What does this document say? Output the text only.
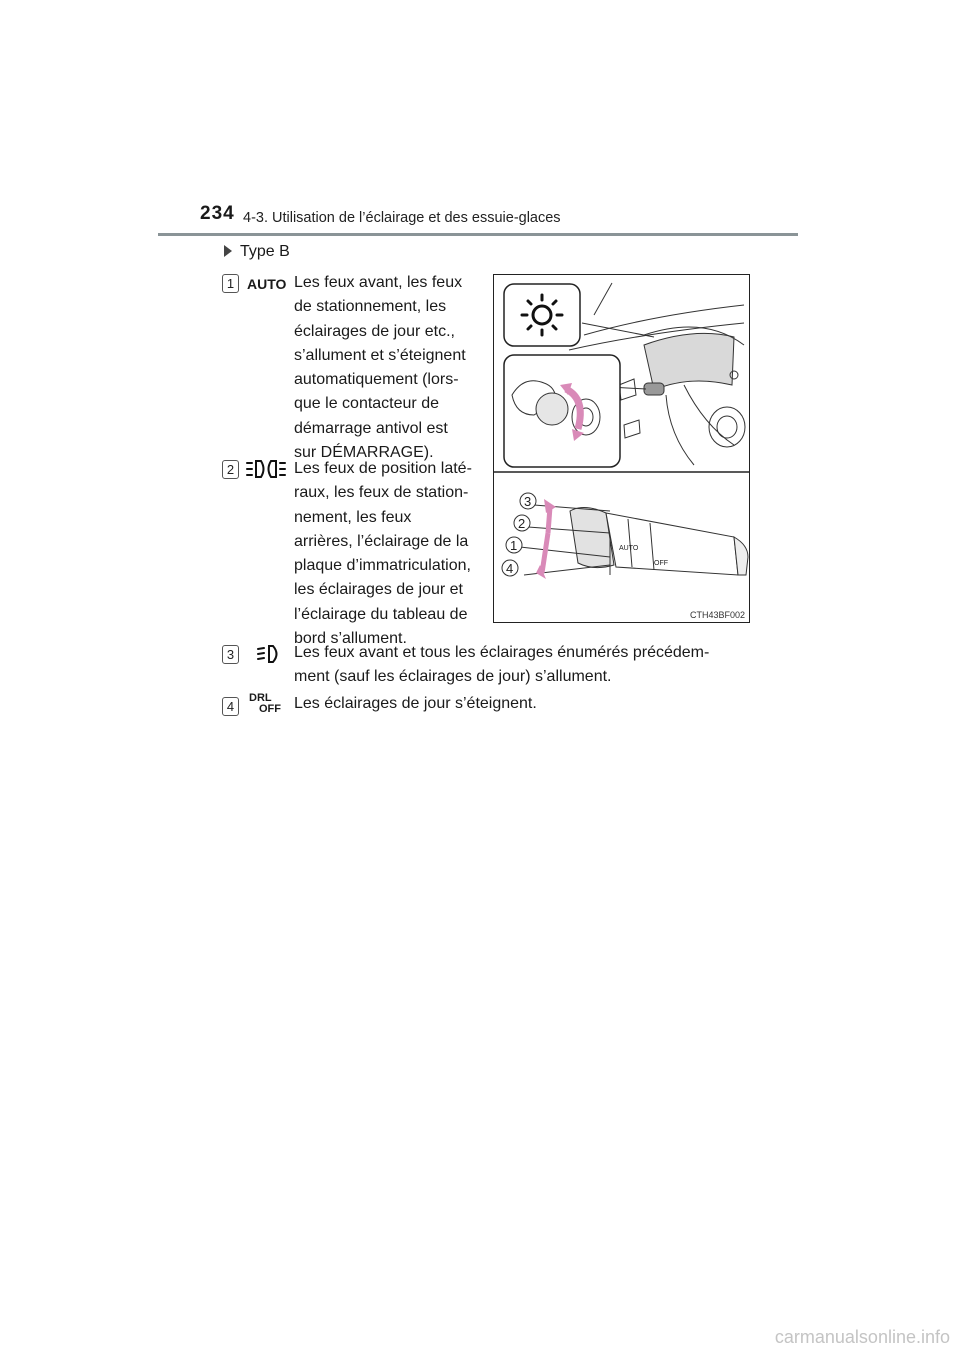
234 4-3. Utilisation de l’éclairage et des essuie-glaces
Type B
1 AUTO Les feux avant, les feux
de stationnement, les
éclairages de jour etc.,
s’allument et s’éteignent
automatiquement (lors-
que le contacteur de
démarrage antivol est
sur DÉMARRAGE).
2	Les feux de position laté-
raux, les feux de station-
nement, les feux
arrières, l’éclairage de la
plaque d’immatriculation,
les éclairages de jour et
l’éclairage du tableau de
bord s’allument.
3	Les feux avant et tous les éclairages énumérés précédem-
ment (sauf les éclairages de jour) s’allument.
4
DRL
OFF Les éclairages de jour s’éteignent.
AUTO
OFF
3
2
1
4
CTH43BF002
carmanualsonline.info
